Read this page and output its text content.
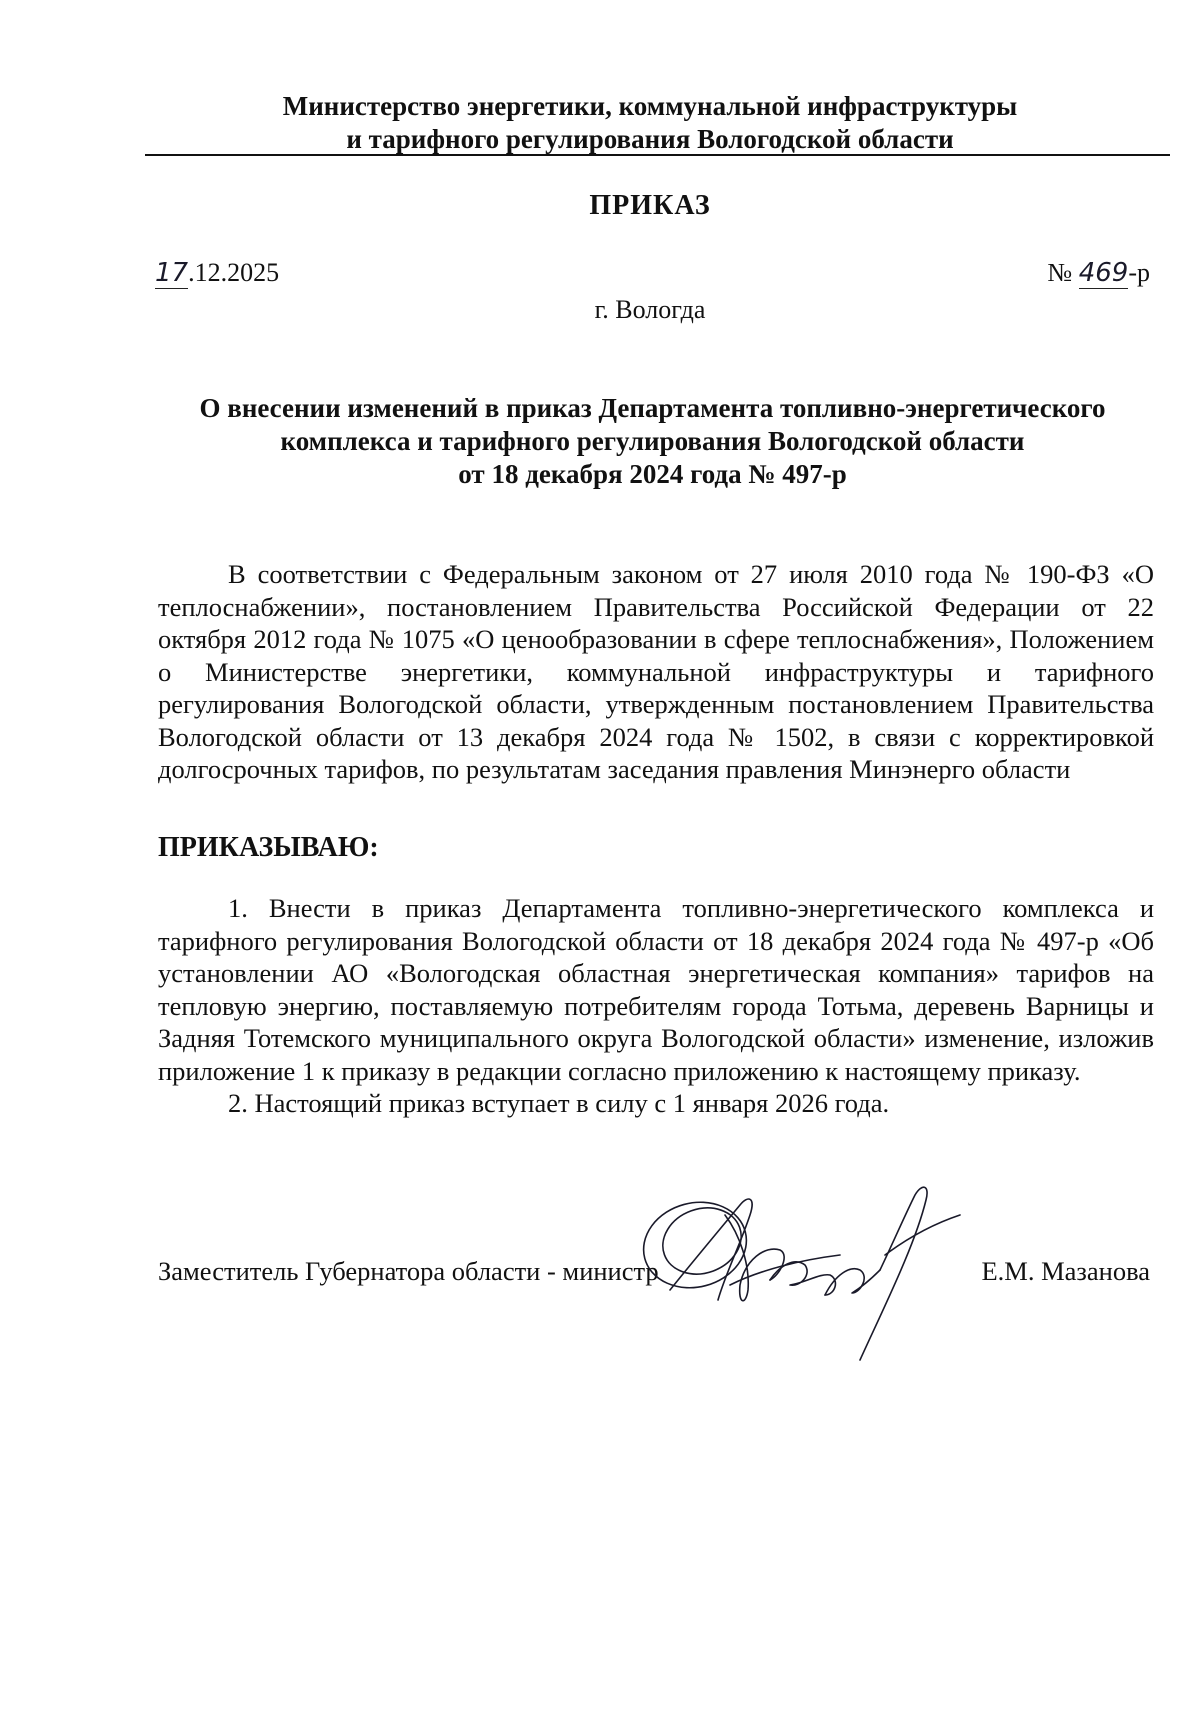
Министерство энергетики, коммунальной инфраструктуры
и тарифного регулирования Вологодской области
ПРИКАЗ
17.12.2025	№ 469-р
г. Вологда
О внесении изменений в приказ Департамента топливно-энергетического
комплекса и тарифного регулирования Вологодской области
от 18 декабря 2024 года № 497-р

В соответствии с Федеральным законом от 27 июля 2010 года № 190-ФЗ «О теплоснабжении», постановлением Правительства Российской Федерации от 22 октября 2012 года № 1075 «О ценообразовании в сфере теплоснабжения», Положением о Министерстве энергетики, коммунальной инфраструктуры и тарифного регулирования Вологодской области, утвержденным постановлением Правительства Вологодской области от 13 декабря 2024 года № 1502, в связи с корректировкой долгосрочных тарифов, по результатам заседания правления Минэнерго области

ПРИКАЗЫВАЮ:

1. Внести в приказ Департамента топливно-энергетического комплекса и тарифного регулирования Вологодской области от 18 декабря 2024 года № 497-р «Об установлении АО «Вологодская областная энергетическая компания» тарифов на тепловую энергию, поставляемую потребителям города Тотьма, деревень Варницы и Задняя Тотемского муниципального округа Вологодской области» изменение, изложив приложение 1 к приказу в редакции согласно приложению к настоящему приказу.

2. Настоящий приказ вступает в силу с 1 января 2026 года.

Заместитель Губернатора области - министр	Е.М. Мазанова
